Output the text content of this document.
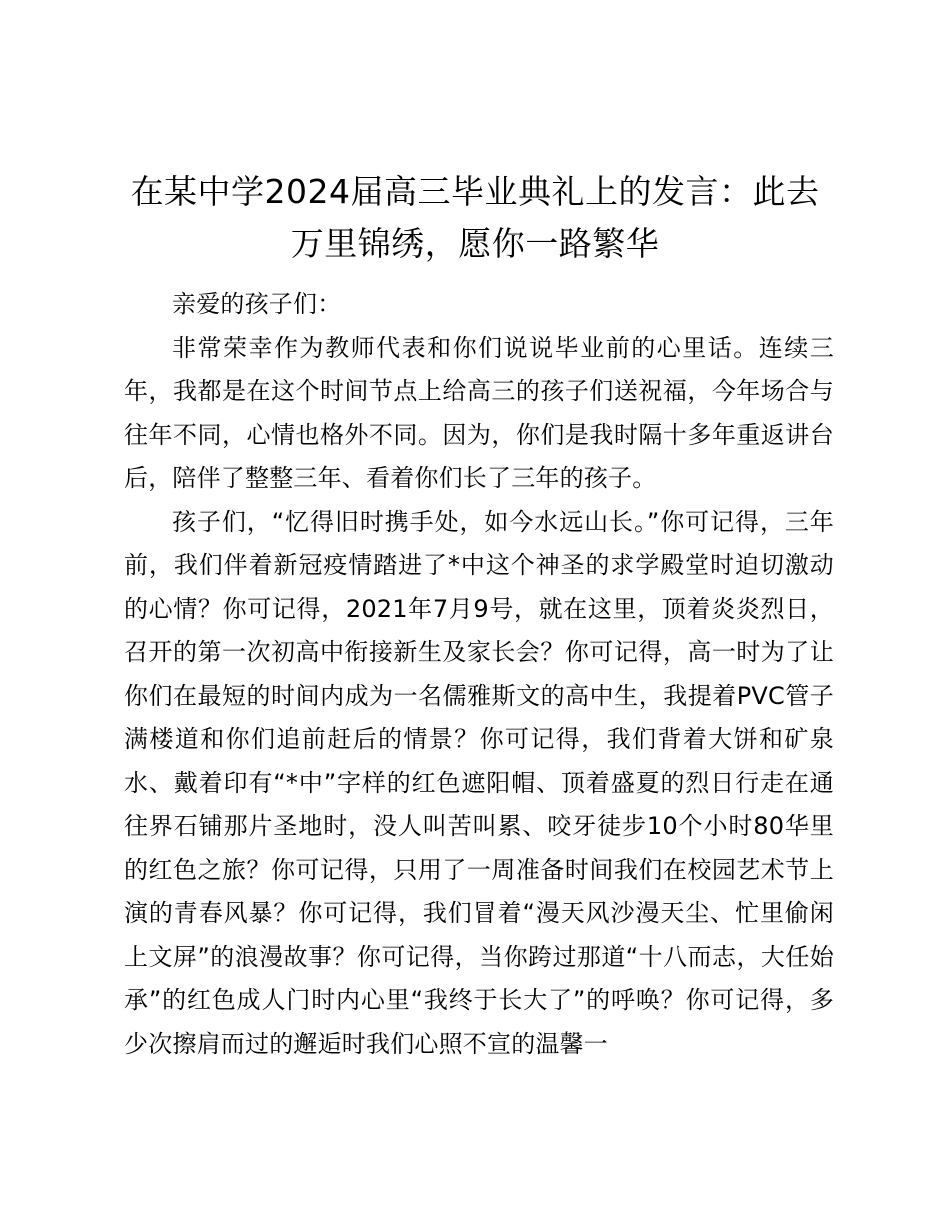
在某中学2024届高三毕业典礼上的发言：此去万里锦绣，愿你一路繁华

亲爱的孩子们：

非常荣幸作为教师代表和你们说说毕业前的心里话。连续三年，我都是在这个时间节点上给高三的孩子们送祝福，今年场合与往年不同，心情也格外不同。因为，你们是我时隔十多年重返讲台后，陪伴了整整三年、看着你们长了三年的孩子。

孩子们，“忆得旧时携手处，如今水远山长。”你可记得，三年前，我们伴着新冠疫情踏进了*中这个神圣的求学殿堂时迫切激动的心情？你可记得，2021年7月9号，就在这里，顶着炎炎烈日，召开的第一次初高中衔接新生及家长会？你可记得，高一时为了让你们在最短的时间内成为一名儒雅斯文的高中生，我提着PVC管子满楼道和你们追前赶后的情景？你可记得，我们背着大饼和矿泉水、戴着印有“*中”字样的红色遮阳帽、顶着盛夏的烈日行走在通往界石铺那片圣地时，没人叫苦叫累、咬牙徒步10个小时80华里的红色之旅？你可记得，只用了一周准备时间我们在校园艺术节上演的青春风暴？你可记得，我们冒着“漫天风沙漫天尘、忙里偷闲上文屏”的浪漫故事？你可记得，当你跨过那道“十八而志，大任始承”的红色成人门时内心里“我终于长大了”的呼唤？你可记得，多少次擦肩而过的邂逅时我们心照不宣的温馨一
